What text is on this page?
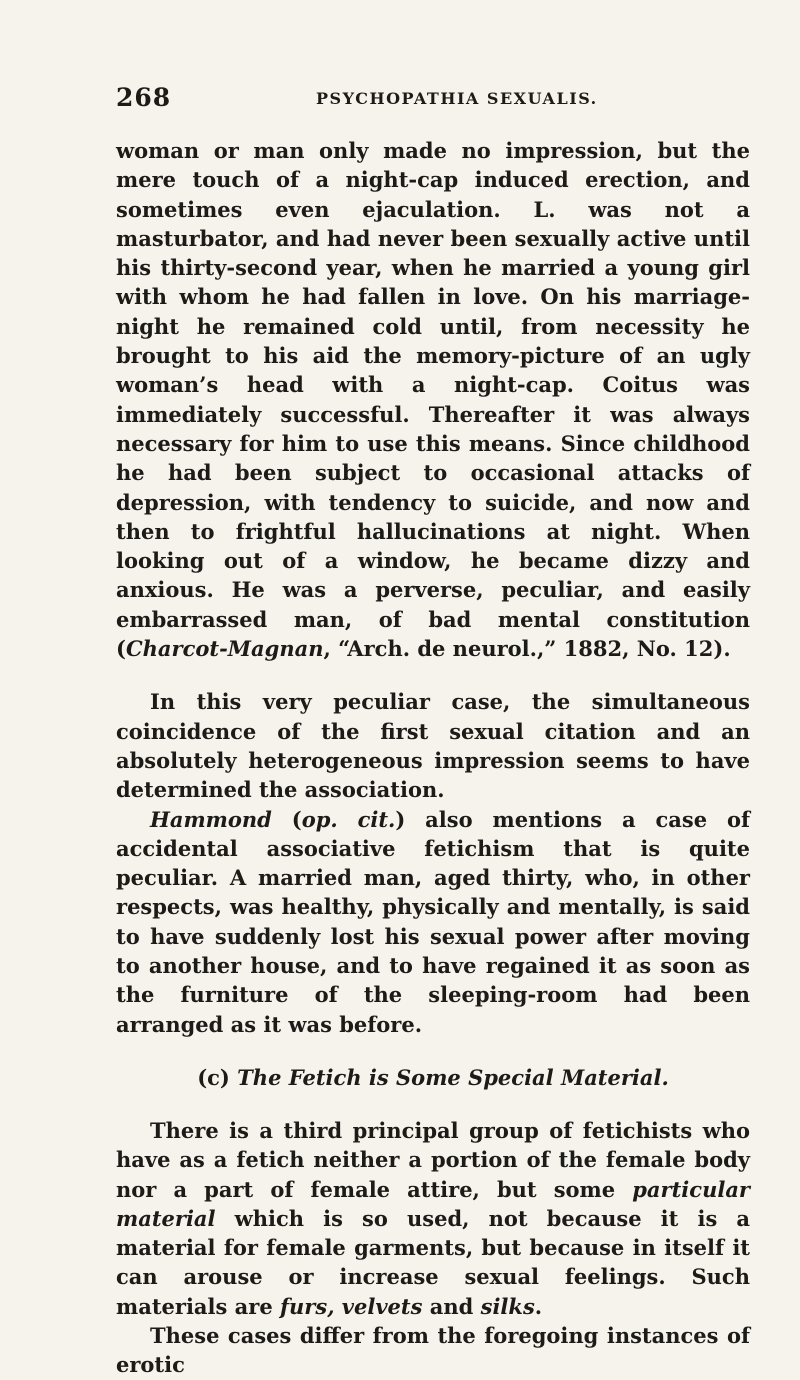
268	PSYCHOPATHIA SEXUALIS.

woman or man only made no impression, but the mere touch of a night-cap induced erection, and sometimes even ejaculation. L. was not a masturbator, and had never been sexually active until his thirty-second year, when he married a young girl with whom he had fallen in love. On his marriage-night he remained cold until, from necessity he brought to his aid the memory-picture of an ugly woman’s head with a night-cap. Coitus was immediately successful. Thereafter it was always necessary for him to use this means. Since childhood he had been subject to occasional attacks of depression, with tendency to suicide, and now and then to frightful hallucinations at night. When looking out of a window, he became dizzy and anxious. He was a perverse, peculiar, and easily embarrassed man, of bad mental constitution (Charcot-Magnan, “Arch. de neurol.,” 1882, No. 12).

In this very peculiar case, the simultaneous coincidence of the first sexual citation and an absolutely heterogeneous impression seems to have determined the association.

Hammond (op. cit.) also mentions a case of accidental associative fetichism that is quite peculiar. A married man, aged thirty, who, in other respects, was healthy, physically and mentally, is said to have suddenly lost his sexual power after moving to another house, and to have regained it as soon as the furniture of the sleeping-room had been arranged as it was before.

(c) The Fetich is Some Special Material.

There is a third principal group of fetichists who have as a fetich neither a portion of the female body nor a part of female attire, but some particular material which is so used, not because it is a material for female garments, but because in itself it can arouse or increase sexual feelings. Such materials are furs, velvets and silks.

These cases differ from the foregoing instances of erotic
